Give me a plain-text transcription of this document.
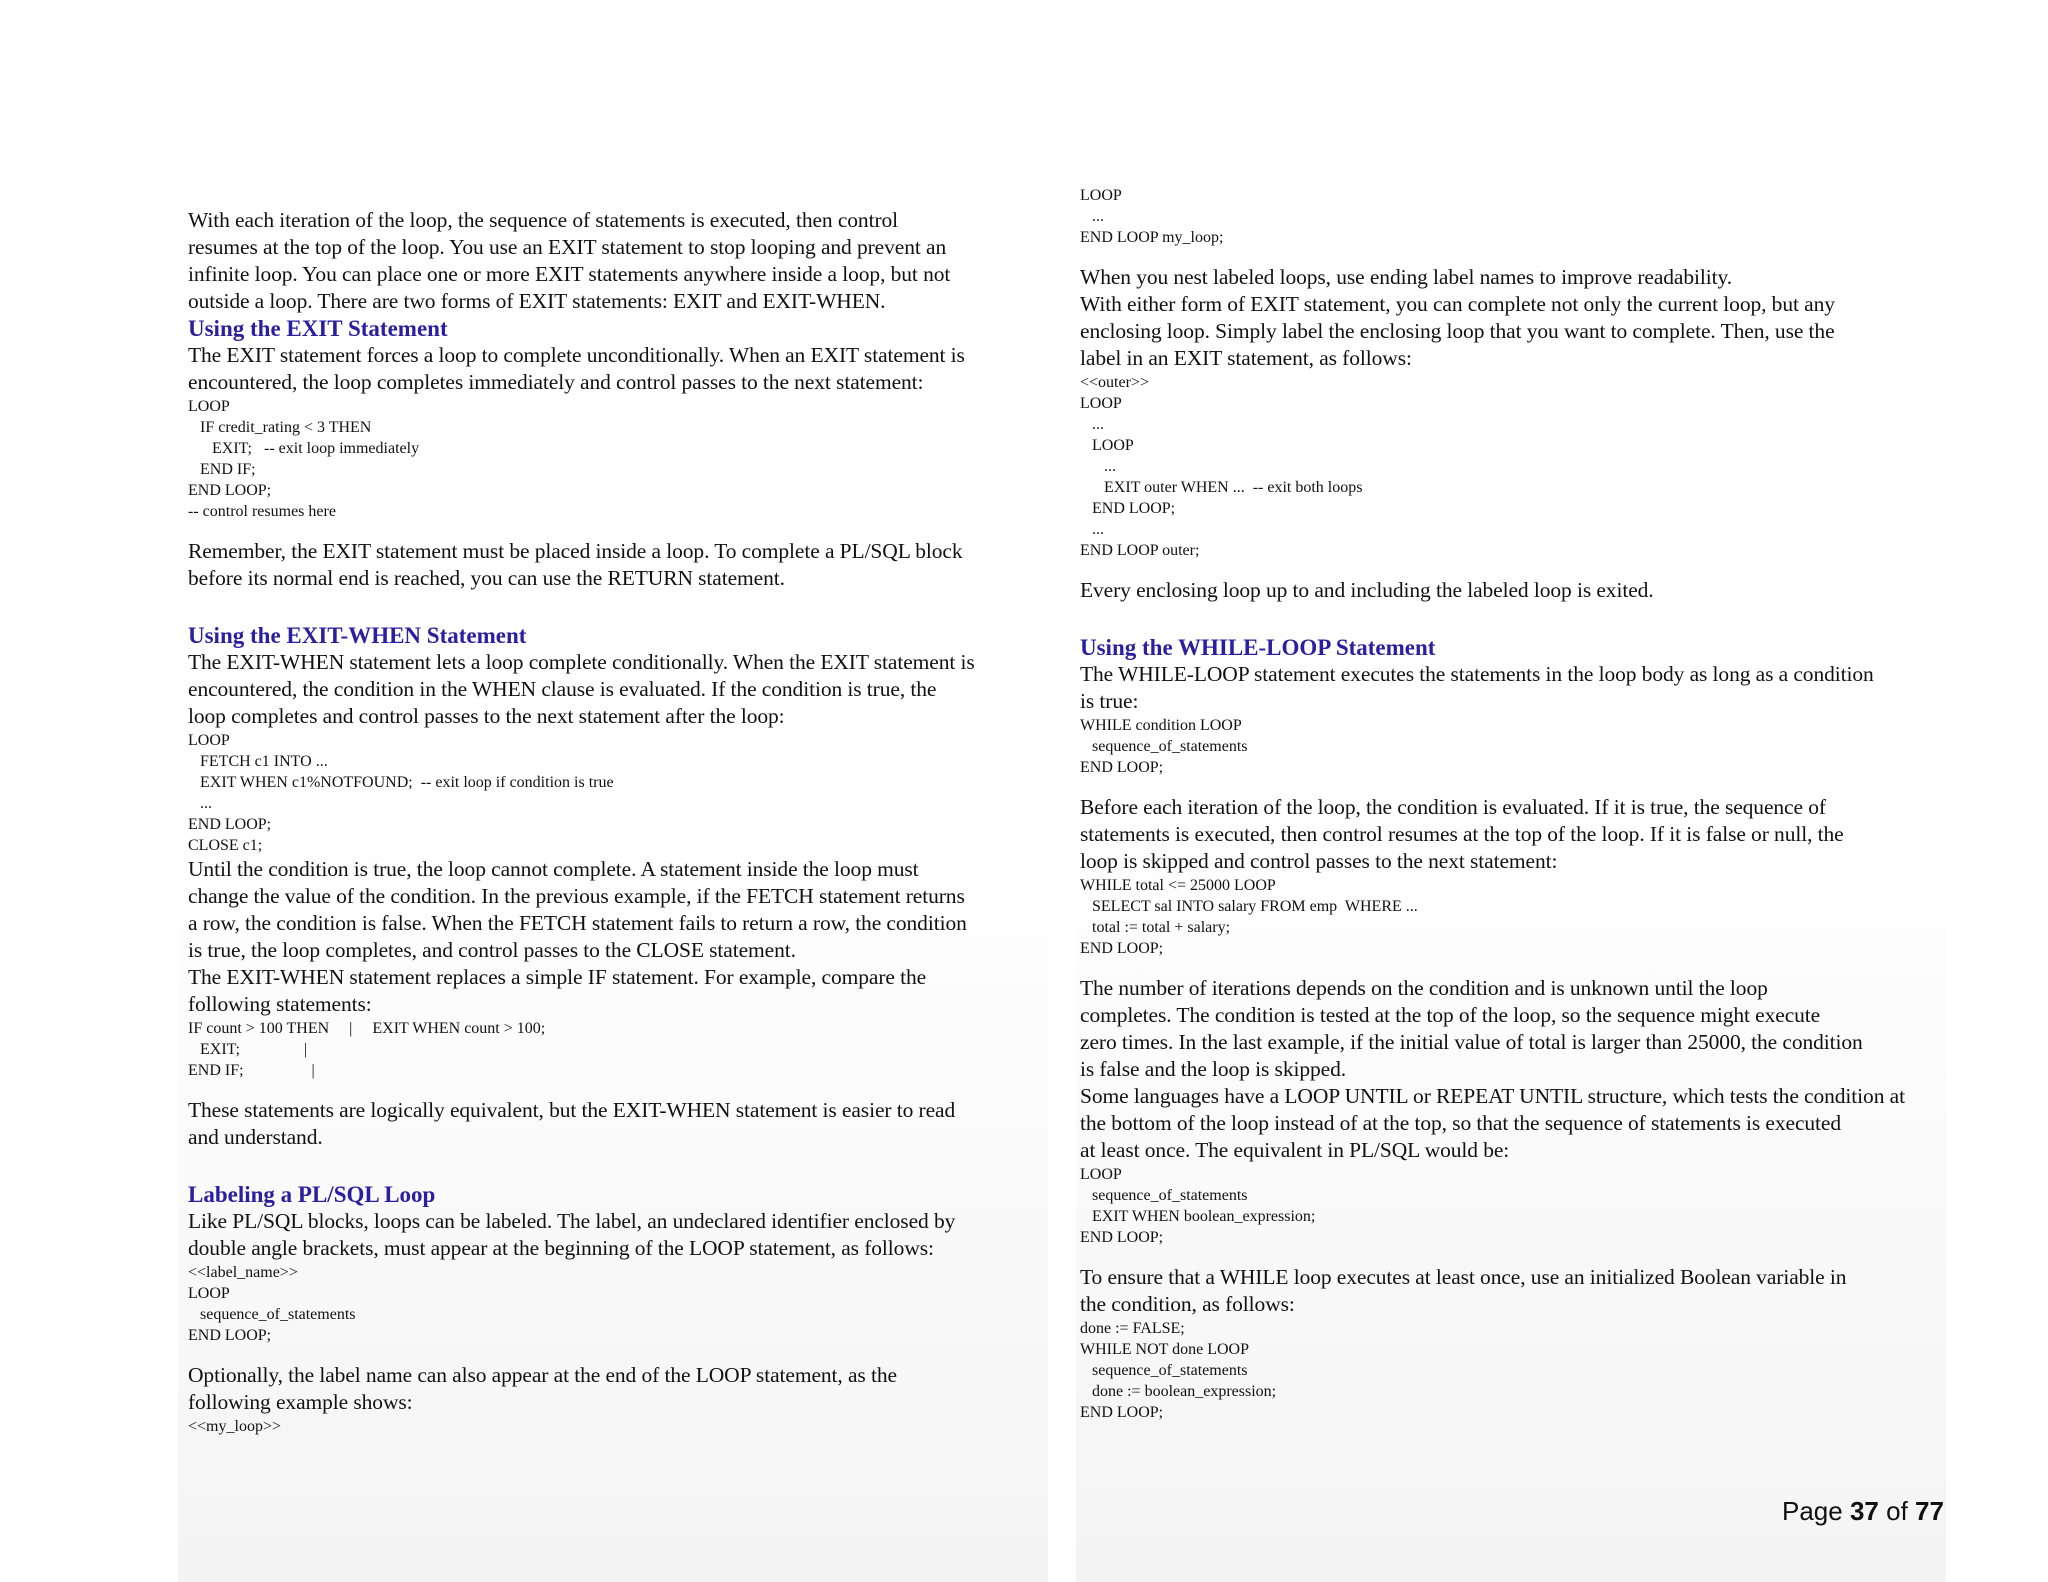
With each iteration of the loop, the sequence of statements is executed, then control

resumes at the top of the loop. You use an EXIT statement to stop looping and prevent an

infinite loop. You can place one or more EXIT statements anywhere inside a loop, but not

outside a loop. There are two forms of EXIT statements: EXIT and EXIT-WHEN.

Using the EXIT Statement

The EXIT statement forces a loop to complete unconditionally. When an EXIT statement is

encountered, the loop completes immediately and control passes to the next statement:

LOOP

IF credit_rating < 3 THEN

EXIT;   -- exit loop immediately

END IF;

END LOOP;

-- control resumes here

Remember, the EXIT statement must be placed inside a loop. To complete a PL/SQL block

before its normal end is reached, you can use the RETURN statement.

Using the EXIT-WHEN Statement

The EXIT-WHEN statement lets a loop complete conditionally. When the EXIT statement is

encountered, the condition in the WHEN clause is evaluated. If the condition is true, the

loop completes and control passes to the next statement after the loop:

LOOP

FETCH c1 INTO ...

EXIT WHEN c1%NOTFOUND;  -- exit loop if condition is true

...

END LOOP;

CLOSE c1;

Until the condition is true, the loop cannot complete. A statement inside the loop must

change the value of the condition. In the previous example, if the FETCH statement returns

a row, the condition is false. When the FETCH statement fails to return a row, the condition

is true, the loop completes, and control passes to the CLOSE statement.

The EXIT-WHEN statement replaces a simple IF statement. For example, compare the

following statements:

IF count > 100 THEN     |     EXIT WHEN count > 100;

EXIT;                |

END IF;                 |

These statements are logically equivalent, but the EXIT-WHEN statement is easier to read

and understand.

Labeling a PL/SQL Loop

Like PL/SQL blocks, loops can be labeled. The label, an undeclared identifier enclosed by

double angle brackets, must appear at the beginning of the LOOP statement, as follows:

<<label_name>>

LOOP

sequence_of_statements

END LOOP;

Optionally, the label name can also appear at the end of the LOOP statement, as the

following example shows:

<<my_loop>>

LOOP

...

END LOOP my_loop;

When you nest labeled loops, use ending label names to improve readability.

With either form of EXIT statement, you can complete not only the current loop, but any

enclosing loop. Simply label the enclosing loop that you want to complete. Then, use the

label in an EXIT statement, as follows:

<<outer>>

LOOP

...

LOOP

...

EXIT outer WHEN ...  -- exit both loops

END LOOP;

...

END LOOP outer;

Every enclosing loop up to and including the labeled loop is exited.

Using the WHILE-LOOP Statement

The WHILE-LOOP statement executes the statements in the loop body as long as a condition

is true:

WHILE condition LOOP

sequence_of_statements

END LOOP;

Before each iteration of the loop, the condition is evaluated. If it is true, the sequence of

statements is executed, then control resumes at the top of the loop. If it is false or null, the

loop is skipped and control passes to the next statement:

WHILE total <= 25000 LOOP

SELECT sal INTO salary FROM emp  WHERE ...

total := total + salary;

END LOOP;

The number of iterations depends on the condition and is unknown until the loop

completes. The condition is tested at the top of the loop, so the sequence might execute

zero times. In the last example, if the initial value of total is larger than 25000, the condition

is false and the loop is skipped.

Some languages have a LOOP UNTIL or REPEAT UNTIL structure, which tests the condition at

the bottom of the loop instead of at the top, so that the sequence of statements is executed

at least once. The equivalent in PL/SQL would be:

LOOP

sequence_of_statements

EXIT WHEN boolean_expression;

END LOOP;

To ensure that a WHILE loop executes at least once, use an initialized Boolean variable in

the condition, as follows:

done := FALSE;

WHILE NOT done LOOP

sequence_of_statements

done := boolean_expression;

END LOOP;

Page 37 of 77
